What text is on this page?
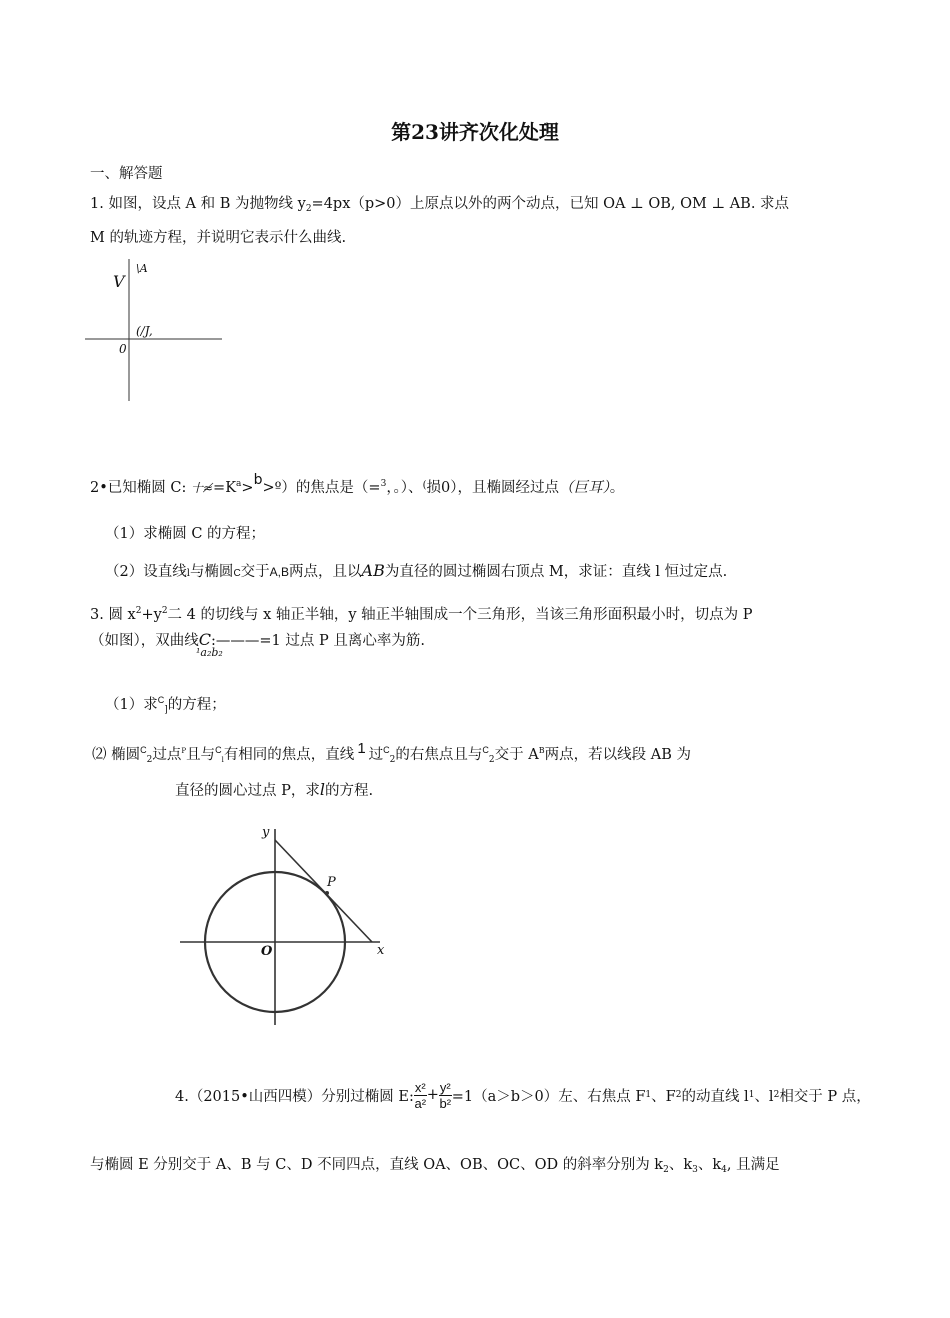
第23讲齐次化处理
一、解答题
1. 如图，设点 A 和 B 为抛物线 $y_2=4px(p>0)$上原点以外的两个动点，已知 OA ⊥ OB, OM ⊥ AB. 求点
M 的轨迹方程，并说明它表示什么曲线.
V
\A
(/J,
0
2•已知椭圆 C: 十$≉=K^a>b>º$）的焦点是（=$^3$，。）、(损0），且椭圆经过点（巨耳）。
（1）求椭圆 C 的方程；
（2）设直线l与椭圆C交于A,B两点，且以AB为直径的圆过椭圆右顶点 M，求证：直线 l 恒过定点.
3. 圆 $x^2+y^2$二 4 的切线与 x 轴正半轴，y 轴正半轴围成一个三角形，当该三角形面积最小时，切点为 P
（如图），双曲线C:———=1 过点 P 且离心率为筋.
¹a₂b₂
（1）求$^C_]$的方程；
⑵ 椭圆$^C_2$过点$^P$且与$^C_l$有相同的焦点，直线 1 过$^C_2$的右焦点且与$^C_2$交于 $A^B$两点，若以线段 AB 为
直径的圆心过点 P，求l的方程.
y
P
O	x
4.（2015•山西四模）分别过椭圆 E: $\frac{\text{x²}}{\text{a²}} + \frac{\text{y²}}{\text{b²}} =1(a>b>0)$左、右焦点 F 1 、F 2 的动直线 l 1 、l 2 相交于 P 点，
与椭圆 E 分别交于 A、B 与 C、D 不同四点，直线 OA、OB、OC、OD 的斜率分别为 $k_2$、$k_3$、$k_4$, 且满足
